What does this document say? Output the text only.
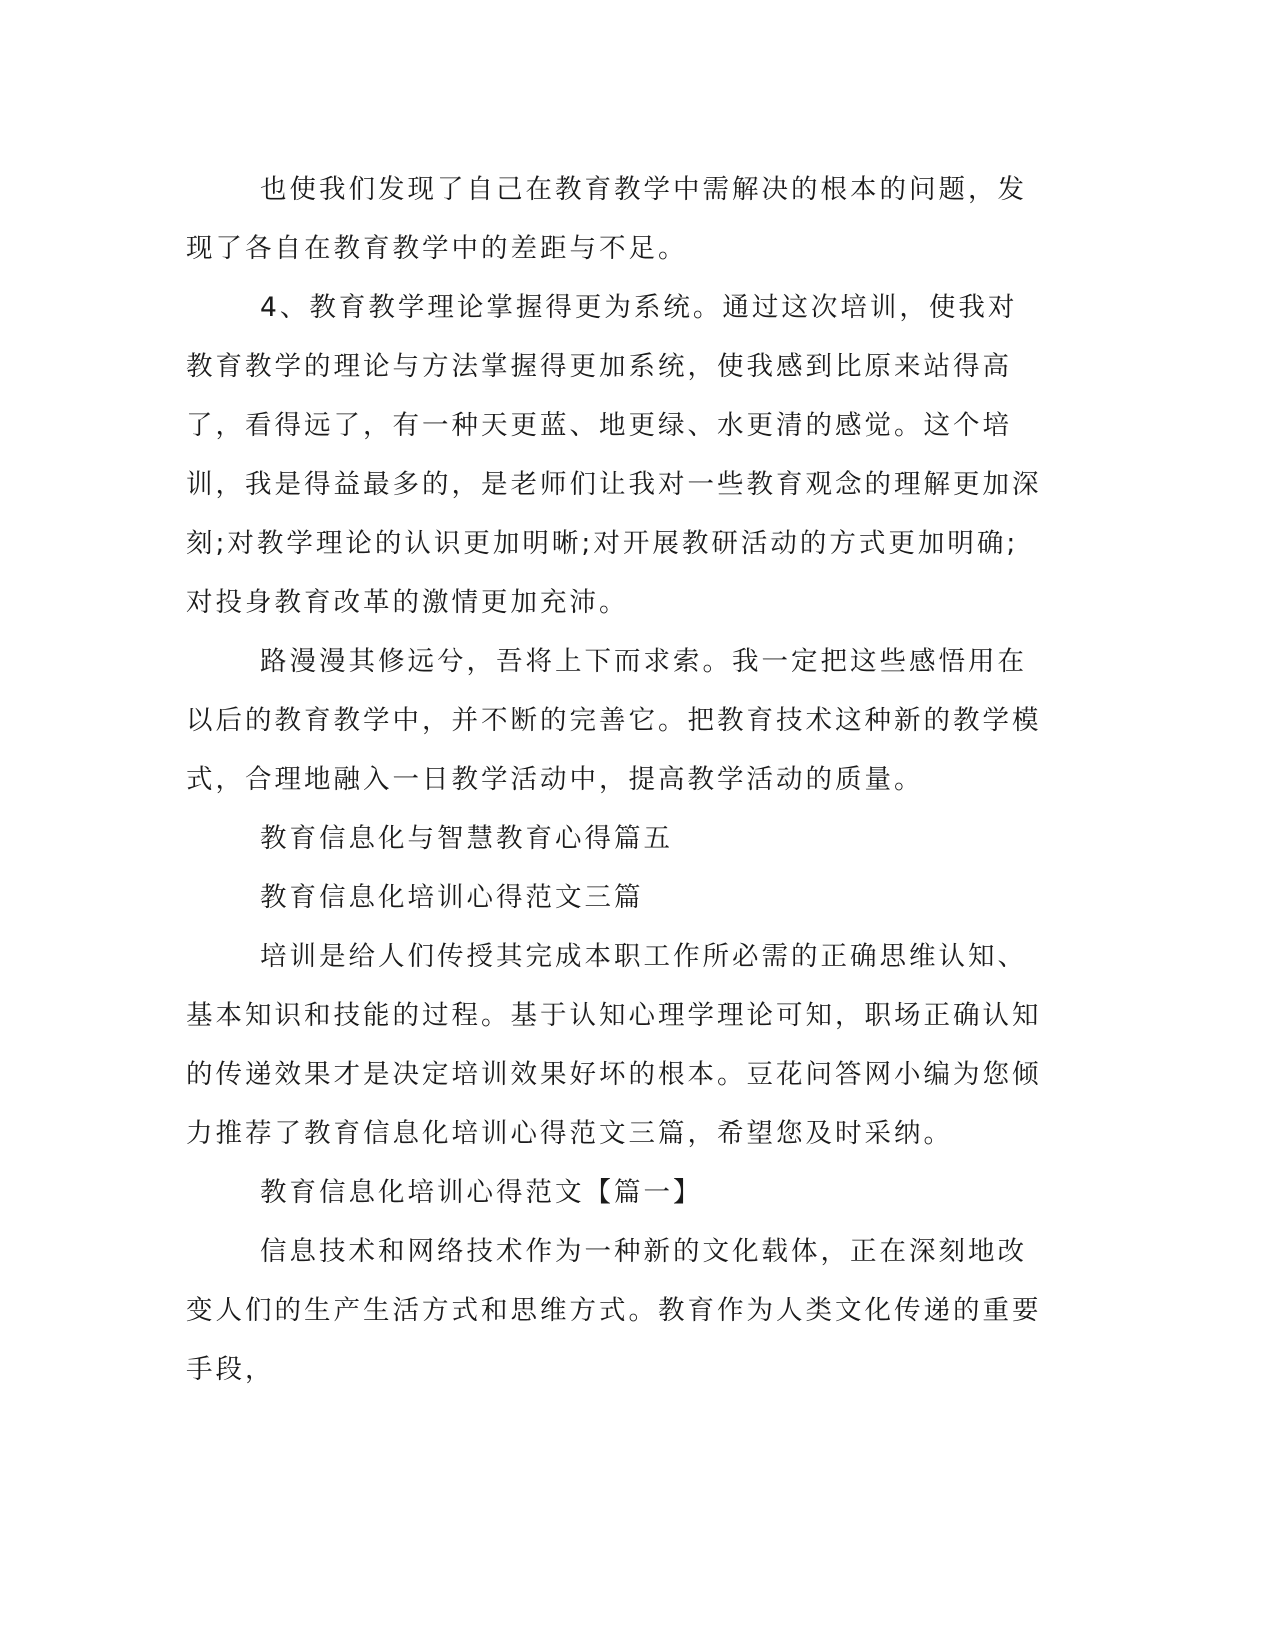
也使我们发现了自己在教育教学中需解决的根本的问题，发现了各自在教育教学中的差距与不足。

4、教育教学理论掌握得更为系统。通过这次培训，使我对教育教学的理论与方法掌握得更加系统，使我感到比原来站得高了，看得远了，有一种天更蓝、地更绿、水更清的感觉。这个培训，我是得益最多的，是老师们让我对一些教育观念的理解更加深刻;对教学理论的认识更加明晰;对开展教研活动的方式更加明确;对投身教育改革的激情更加充沛。

路漫漫其修远兮，吾将上下而求索。我一定把这些感悟用在以后的教育教学中，并不断的完善它。把教育技术这种新的教学模式，合理地融入一日教学活动中，提高教学活动的质量。

教育信息化与智慧教育心得篇五

教育信息化培训心得范文三篇

培训是给人们传授其完成本职工作所必需的正确思维认知、基本知识和技能的过程。基于认知心理学理论可知，职场正确认知的传递效果才是决定培训效果好坏的根本。豆花问答网小编为您倾力推荐了教育信息化培训心得范文三篇，希望您及时采纳。

教育信息化培训心得范文【篇一】

信息技术和网络技术作为一种新的文化载体，正在深刻地改变人们的生产生活方式和思维方式。教育作为人类文化传递的重要手段，
